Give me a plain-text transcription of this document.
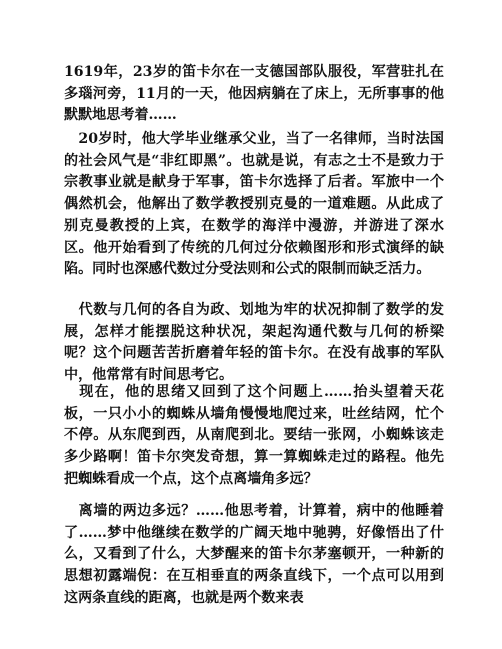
1619年，23岁的笛卡尔在一支德国部队服役，军营驻扎在多瑙河旁，11月的一天，他因病躺在了床上，无所事事的他默默地思考着……

　20岁时，他大学毕业继承父业，当了一名律师，当时法国的社会风气是“非红即黑”。也就是说，有志之士不是致力于宗教事业就是献身于军事，笛卡尔选择了后者。军旅中一个偶然机会，他解出了数学教授别克曼的一道难题。从此成了别克曼教授的上宾，在数学的海洋中漫游，并游进了深水区。他开始看到了传统的几何过分依赖图形和形式演绎的缺陷。同时也深感代数过分受法则和公式的限制而缺乏活力。

　代数与几何的各自为政、划地为牢的状况抑制了数学的发展，怎样才能摆脱这种状况，架起沟通代数与几何的桥梁呢？这个问题苦苦折磨着年轻的笛卡尔。在没有战事的军队中，他常常有时间思考它。

　现在，他的思绪又回到了这个问题上……抬头望着天花板，一只小小的蜘蛛从墙角慢慢地爬过来，吐丝结网，忙个不停。从东爬到西，从南爬到北。要结一张网，小蜘蛛该走多少路啊！笛卡尔突发奇想，算一算蜘蛛走过的路程。他先把蜘蛛看成一个点，这个点离墙角多远？

　离墙的两边多远？……他思考着，计算着，病中的他睡着了……梦中他继续在数学的广阔天地中驰骋，好像悟出了什么，又看到了什么，大梦醒来的笛卡尔茅塞顿开，一种新的思想初露端倪：在互相垂直的两条直线下，一个点可以用到这两条直线的距离，也就是两个数来表
